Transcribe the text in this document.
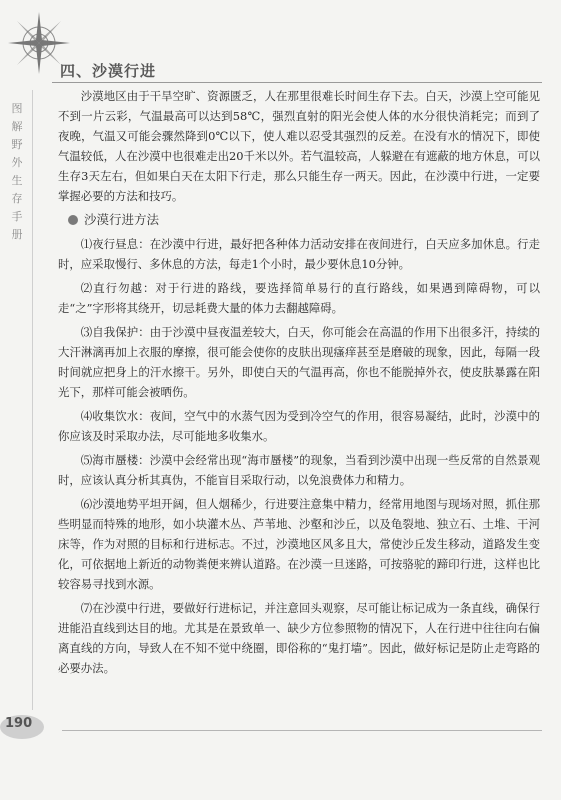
图解野外生存手册
四、沙漠行进

沙漠地区由于干旱空旷、资源匮乏，人在那里很难长时间生存下去。白天，沙漠上空可能见不到一片云彩，气温最高可以达到58℃，强烈直射的阳光会使人体的水分很快消耗完；而到了夜晚，气温又可能会骤然降到0℃以下，使人难以忍受其强烈的反差。在没有水的情况下，即使气温较低，人在沙漠中也很难走出20千米以外。若气温较高，人躲避在有遮蔽的地方休息，可以生存3天左右，但如果白天在太阳下行走，那么只能生存一两天。因此，在沙漠中行进，一定要掌握必要的方法和技巧。

沙漠行进方法

⑴夜行昼息：在沙漠中行进，最好把各种体力活动安排在夜间进行，白天应多加休息。行走时，应采取慢行、多休息的方法，每走1个小时，最少要休息10分钟。

⑵直行勿越：对于行进的路线，要选择简单易行的直行路线，如果遇到障碍物，可以走“之”字形将其绕开，切忌耗费大量的体力去翻越障碍。

⑶自我保护：由于沙漠中昼夜温差较大，白天，你可能会在高温的作用下出很多汗，持续的大汗淋漓再加上衣服的摩擦，很可能会使你的皮肤出现瘙痒甚至是磨破的现象，因此，每隔一段时间就应把身上的汗水擦干。另外，即使白天的气温再高，你也不能脱掉外衣，使皮肤暴露在阳光下，那样可能会被晒伤。

⑷收集饮水：夜间，空气中的水蒸气因为受到冷空气的作用，很容易凝结，此时，沙漠中的你应该及时采取办法，尽可能地多收集水。

⑸海市蜃楼：沙漠中会经常出现“海市蜃楼”的现象，当看到沙漠中出现一些反常的自然景观时，应该认真分析其真伪，不能盲目采取行动，以免浪费体力和精力。

⑹沙漠地势平坦开阔，但人烟稀少，行进要注意集中精力，经常用地图与现场对照，抓住那些明显而特殊的地形，如小块灌木丛、芦苇地、沙壑和沙丘，以及龟裂地、独立石、土堆、干河床等，作为对照的目标和行进标志。不过，沙漠地区风多且大，常使沙丘发生移动，道路发生变化，可依据地上新近的动物粪便来辨认道路。在沙漠一旦迷路，可按骆驼的蹄印行进，这样也比较容易寻找到水源。

⑺在沙漠中行进，要做好行进标记，并注意回头观察，尽可能让标记成为一条直线，确保行进能沿直线到达目的地。尤其是在景致单一、缺少方位参照物的情况下，人在行进中往往向右偏离直线的方向，导致人在不知不觉中绕圈，即俗称的“鬼打墙”。因此，做好标记是防止走弯路的必要办法。

190
